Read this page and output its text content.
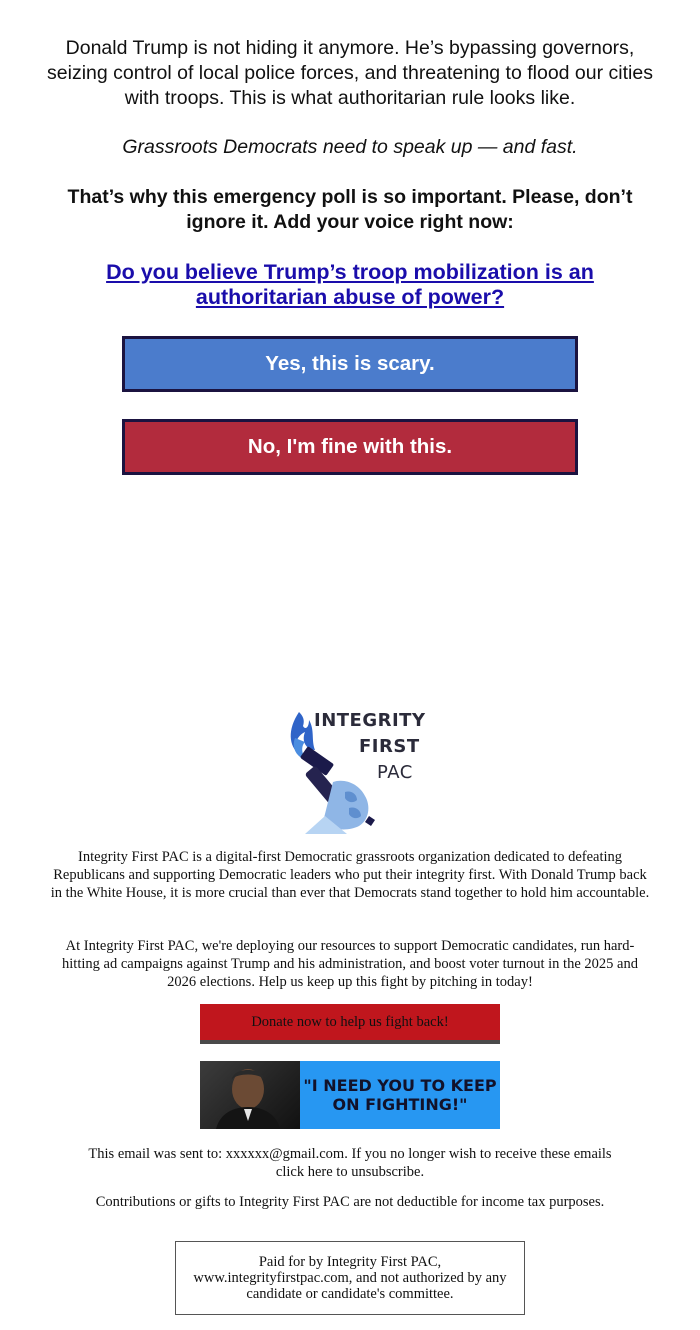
Donald Trump is not hiding it anymore. He’s bypassing governors, seizing control of local police forces, and threatening to flood our cities with troops. This is what authoritarian rule looks like.

Grassroots Democrats need to speak up — and fast.

That’s why this emergency poll is so important. Please, don’t ignore it. Add your voice right now:

Do you believe Trump’s troop mobilization is an authoritarian abuse of power?
Yes, this is scary.
No, I'm fine with this.
INTEGRITY
FIRST
PAC

Integrity First PAC is a digital-first Democratic grassroots organization dedicated to defeating Republicans and supporting Democratic leaders who put their integrity first. With Donald Trump back in the White House, it is more crucial than ever that Democrats stand together to hold him accountable.

At Integrity First PAC, we're deploying our resources to support Democratic candidates, run hard-hitting ad campaigns against Trump and his administration, and boost voter turnout in the 2025 and 2026 elections. Help us keep up this fight by pitching in today!

Donate now to help us fight back!
"I NEED YOU TO KEEP ON FIGHTING!"

This email was sent to: xxxxxx@gmail.com. If you no longer wish to receive these emails
click here to unsubscribe.

Contributions or gifts to Integrity First PAC are not deductible for income tax purposes.

Paid for by Integrity First PAC, www.integrityfirstpac.com, and not authorized by any candidate or candidate's committee.
